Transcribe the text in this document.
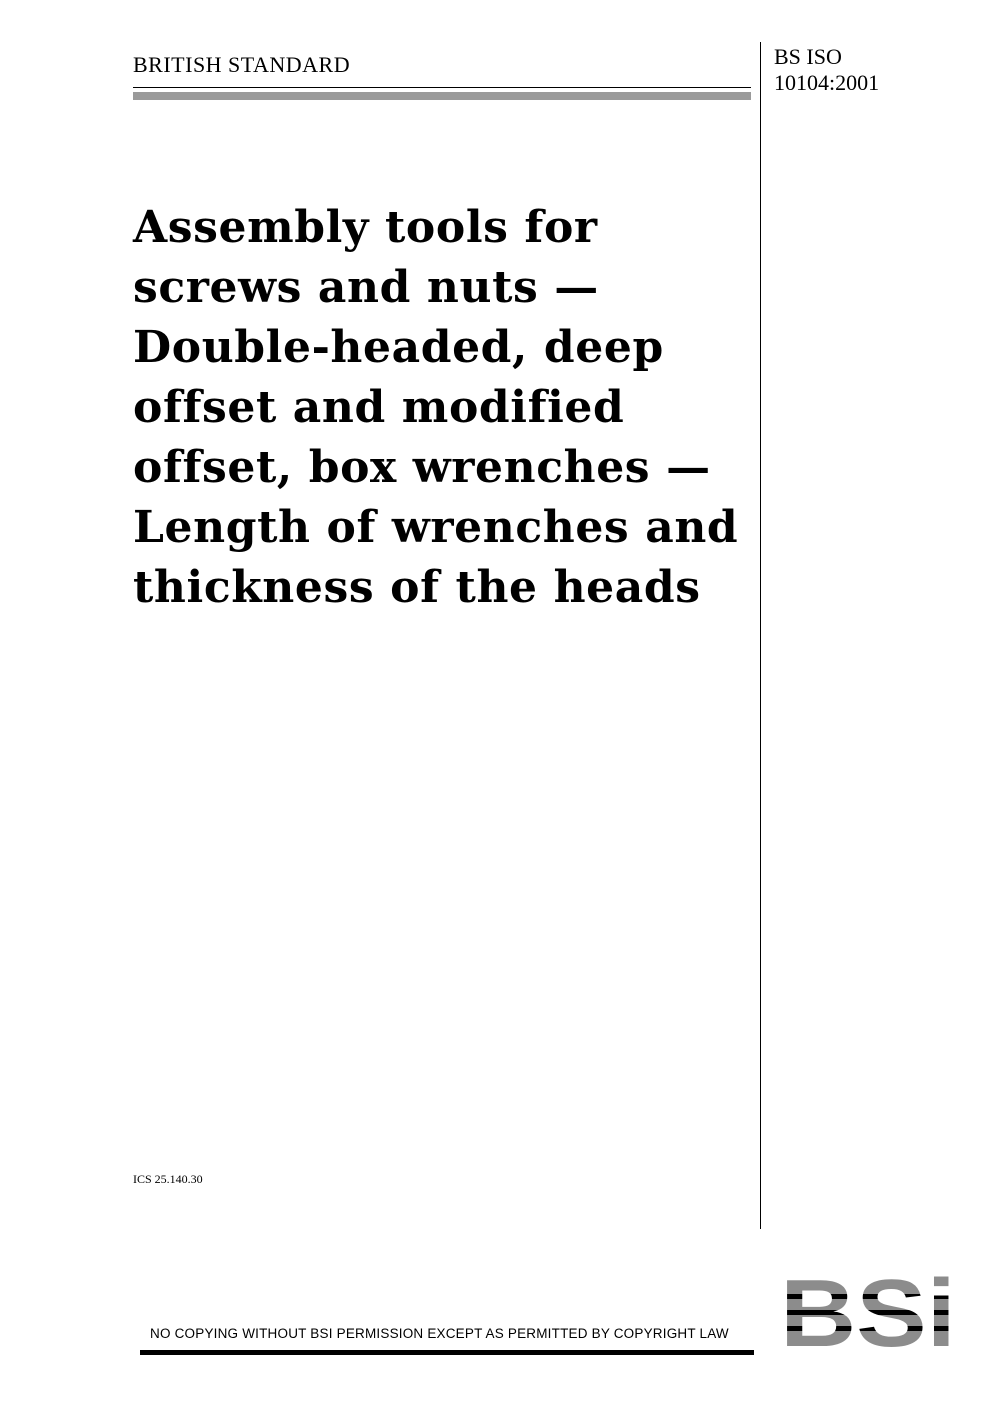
BRITISH STANDARD	BS ISO
10104:2001
Assembly tools for
screws and nuts —
Double-headed, deep
offset and modified
offset, box wrenches —
Length of wrenches and
thickness of the heads
ICS 25.140.30
NO COPYING WITHOUT BSI PERMISSION EXCEPT AS PERMITTED BY COPYRIGHT LAW
